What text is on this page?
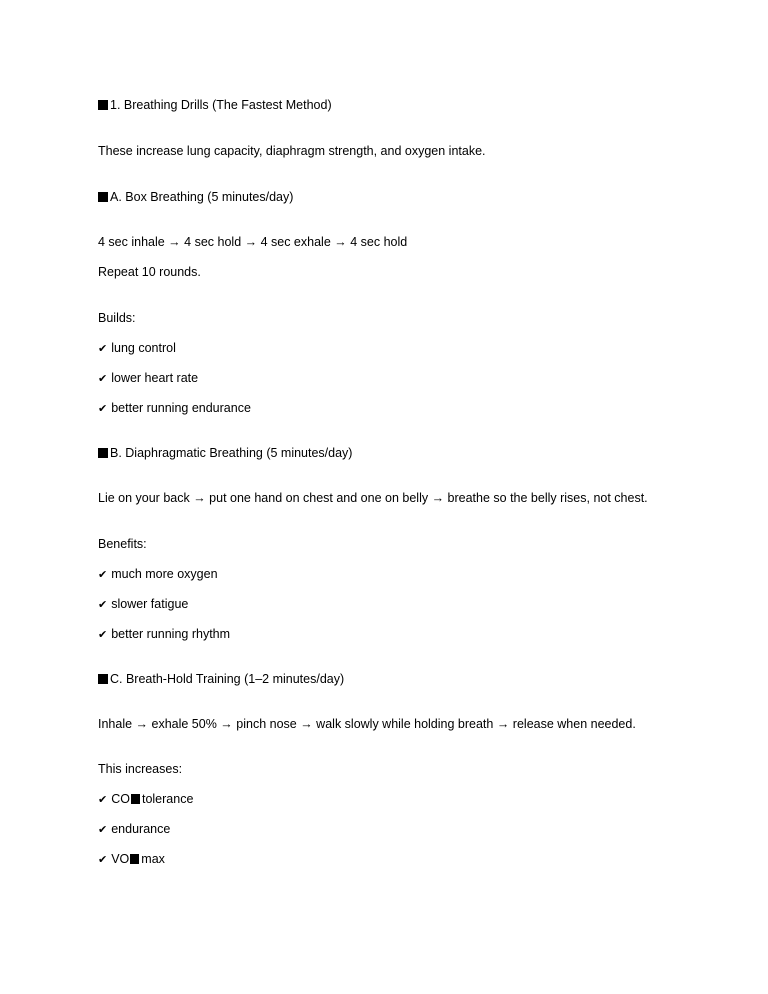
1. Breathing Drills (The Fastest Method)
These increase lung capacity, diaphragm strength, and oxygen intake.
A. Box Breathing (5 minutes/day)
4 sec inhale → 4 sec hold → 4 sec exhale → 4 sec hold
Repeat 10 rounds.
Builds:
✔ lung control
✔ lower heart rate
✔ better running endurance
B. Diaphragmatic Breathing (5 minutes/day)
Lie on your back → put one hand on chest and one on belly → breathe so the belly rises, not chest.
Benefits:
✔ much more oxygen
✔ slower fatigue
✔ better running rhythm
C. Breath-Hold Training (1–2 minutes/day)
Inhale → exhale 50% → pinch nose → walk slowly while holding breath → release when needed.
This increases:
✔ CO tolerance
✔ endurance
✔ VO max
